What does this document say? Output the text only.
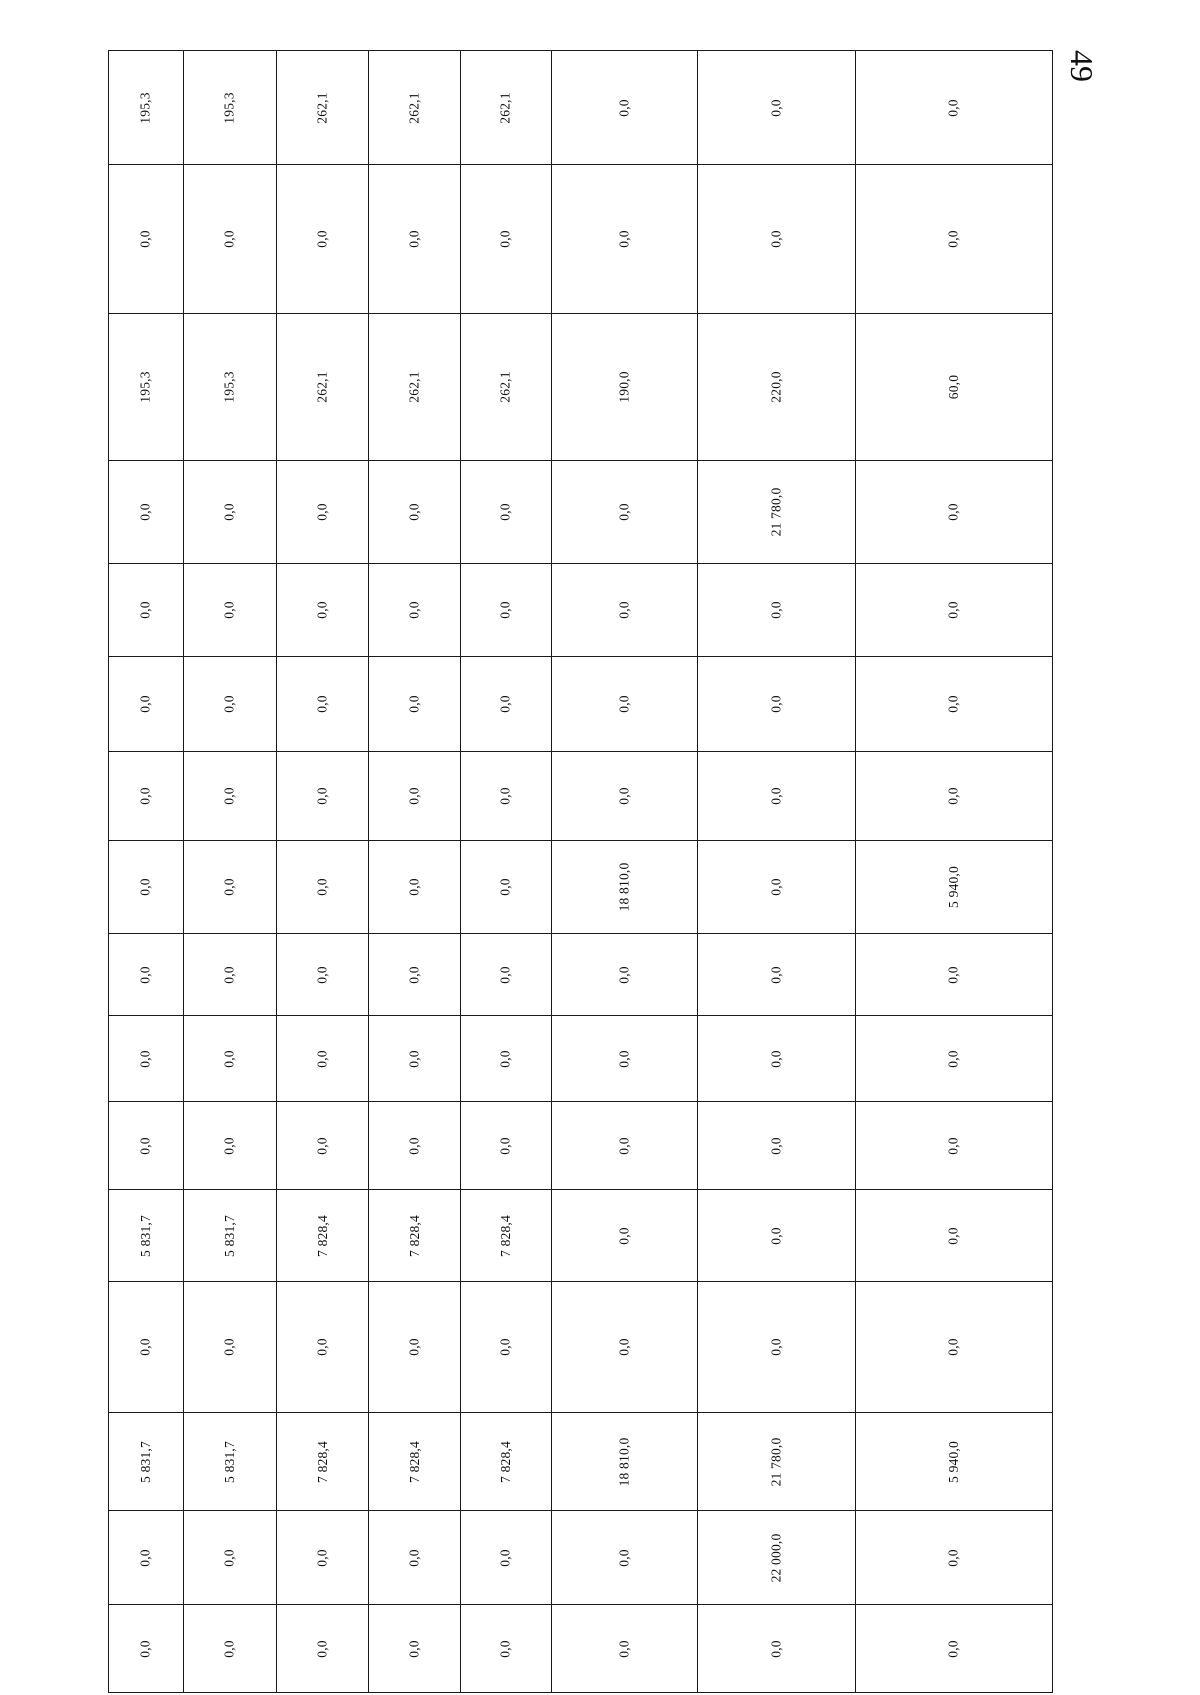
49
195,3
0,0
195,3
0,0
0,0
0,0
0,0
0,0
0,0
0,0
0,0
5 831,7
0,0
5 831,7
0,0
0,0
195,3
0,0
195,3
0,0
0,0
0,0
0,0
0,0
0,0
0,0
0,0
5 831,7
0,0
5 831,7
0,0
0,0
262,1
0,0
262,1
0,0
0,0
0,0
0,0
0,0
0,0
0,0
0,0
7 828,4
0,0
7 828,4
0,0
0,0
262,1
0,0
262,1
0,0
0,0
0,0
0,0
0,0
0,0
0,0
0,0
7 828,4
0,0
7 828,4
0,0
0,0
262,1
0,0
262,1
0,0
0,0
0,0
0,0
0,0
0,0
0,0
0,0
7 828,4
0,0
7 828,4
0,0
0,0
0,0
0,0
190,0
0,0
0,0
0,0
0,0
18 810,0
0,0
0,0
0,0
0,0
0,0
18 810,0
0,0
0,0
0,0
0,0
220,0
21 780,0
0,0
0,0
0,0
0,0
0,0
0,0
0,0
0,0
0,0
21 780,0
22 000,0
0,0
0,0
0,0
60,0
0,0
0,0
0,0
0,0
5 940,0
0,0
0,0
0,0
0,0
0,0
5 940,0
0,0
0,0
